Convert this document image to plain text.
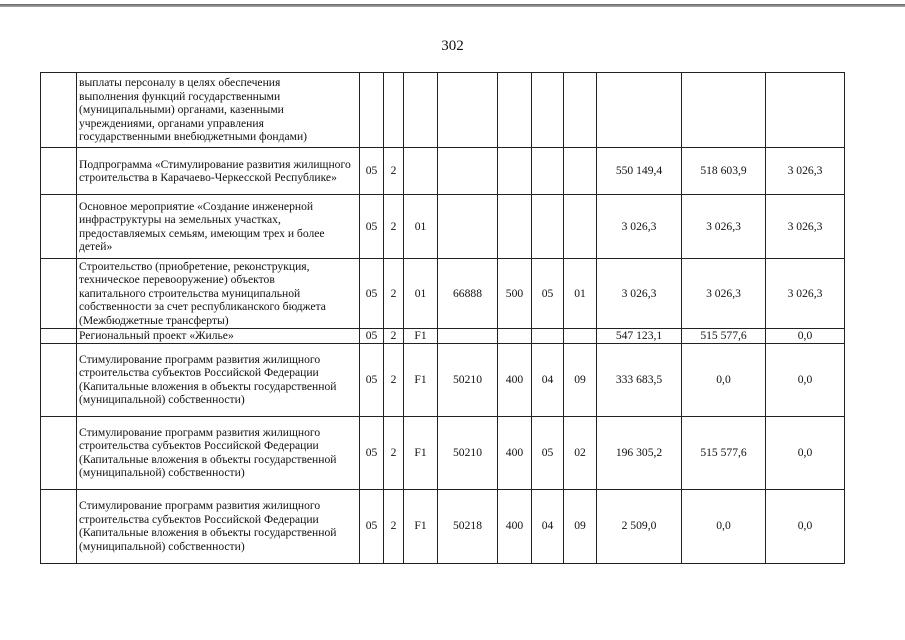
302

	выплаты персоналу в целях обеспечения выполнения функций государственными (муниципальными) органами, казенными учреждениями, органами управления государственными внебюджетными фондами)										

	Подпрограмма «Стимулирование развития жилищного строительства в Карачаево-Черкесской Республике»	05	2						550 149,4	518 603,9	3 026,3

	Основное мероприятие «Создание инженерной инфраструктуры на земельных участках, предоставляемых семьям, имеющим трех и более детей»	05	2	01					3 026,3	3 026,3	3 026,3

	Строительство (приобретение, реконструкция, техническое перевооружение) объектов капитального строительства муниципальной собственности за счет республиканского бюджета (Межбюджетные трансферты)	05	2	01	66888	500	05	01	3 026,3	3 026,3	3 026,3

	Региональный проект «Жилье»	05	2	F1					547 123,1	515 577,6	0,0

	Стимулирование программ развития жилищного строительства субъектов Российской Федерации (Капитальные вложения в объекты государственной (муниципальной) собственности)	05	2	F1	50210	400	04	09	333 683,5	0,0	0,0

	Стимулирование программ развития жилищного строительства субъектов Российской Федерации (Капитальные вложения в объекты государственной (муниципальной) собственности)	05	2	F1	50210	400	05	02	196 305,2	515 577,6	0,0

	Стимулирование программ развития жилищного строительства субъектов Российской Федерации (Капитальные вложения в объекты государственной (муниципальной) собственности)	05	2	F1	50218	400	04	09	2 509,0	0,0	0,0
